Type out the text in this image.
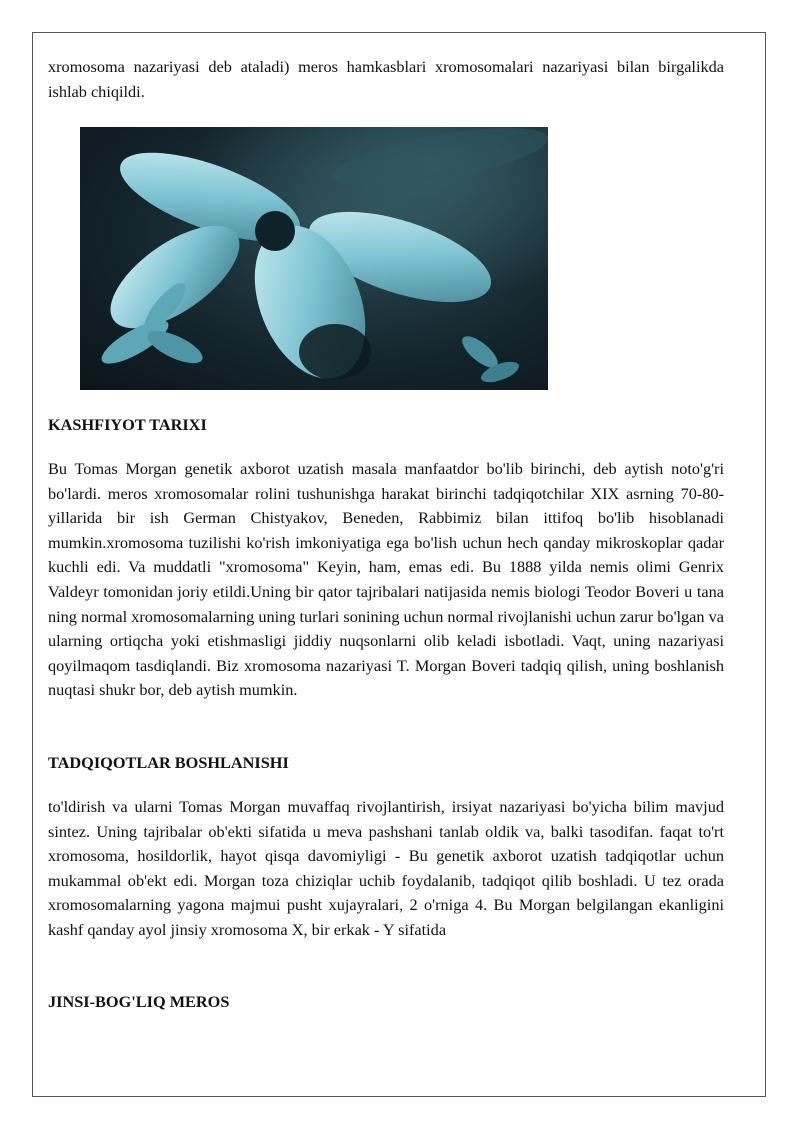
xromosoma nazariyasi deb ataladi) meros hamkasblari xromosomalari nazariyasi bilan birgalikda ishlab chiqildi.

KASHFIYOT TARIXI

Bu Tomas Morgan genetik axborot uzatish masala manfaatdor bo'lib birinchi, deb aytish noto'g'ri bo'lardi. meros xromosomalar rolini tushunishga harakat birinchi tadqiqotchilar XIX asrning 70-80-yillarida bir ish German Chistyakov, Beneden, Rabbimiz bilan ittifoq bo'lib hisoblanadi mumkin.xromosoma tuzilishi ko'rish imkoniyatiga ega bo'lish uchun hech qanday mikroskoplar qadar kuchli edi. Va muddatli "xromosoma" Keyin, ham, emas edi. Bu 1888 yilda nemis olimi Genrix Valdeyr tomonidan joriy etildi.Uning bir qator tajribalari natijasida nemis biologi Teodor Boveri u tana ning normal xromosomalarning uning turlari sonining uchun normal rivojlanishi uchun zarur bo'lgan va ularning ortiqcha yoki etishmasligi jiddiy nuqsonlarni olib keladi isbotladi. Vaqt, uning nazariyasi qoyilmaqom tasdiqlandi. Biz xromosoma nazariyasi T. Morgan Boveri tadqiq qilish, uning boshlanish nuqtasi shukr bor, deb aytish mumkin.

TADQIQOTLAR BOSHLANISHI

to'ldirish va ularni Tomas Morgan muvaffaq rivojlantirish, irsiyat nazariyasi bo'yicha bilim mavjud sintez. Uning tajribalar ob'ekti sifatida u meva pashshani tanlab oldik va, balki tasodifan. faqat to'rt xromosoma, hosildorlik, hayot qisqa davomiyligi - Bu genetik axborot uzatish tadqiqotlar uchun mukammal ob'ekt edi. Morgan toza chiziqlar uchib foydalanib, tadqiqot qilib boshladi. U tez orada xromosomalarning yagona majmui pusht xujayralari, 2 o'rniga 4. Bu Morgan belgilangan ekanligini kashf qanday ayol jinsiy xromosoma X, bir erkak - Y sifatida

JINSI-BOG'LIQ MEROS
